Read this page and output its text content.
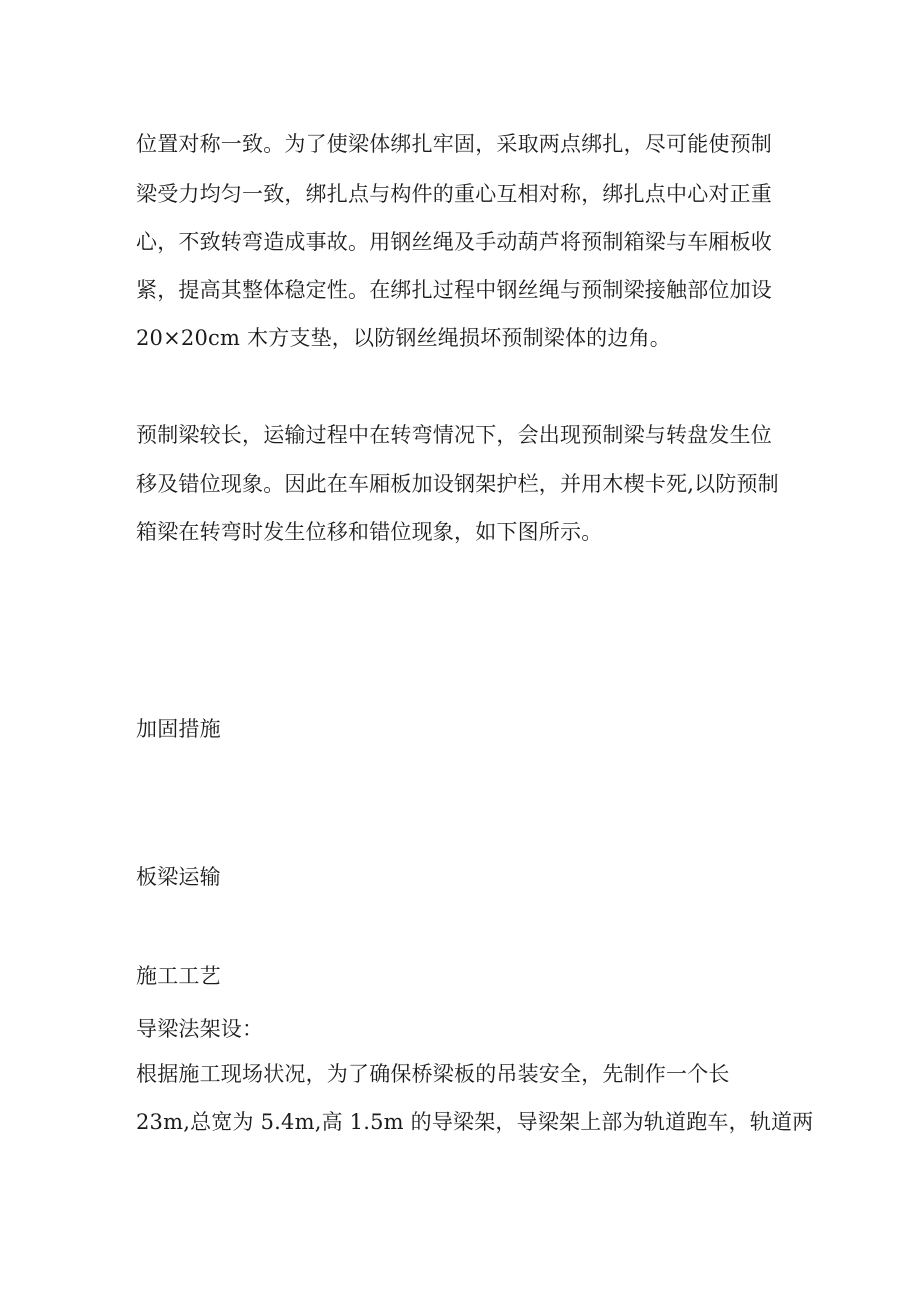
位置对称一致。为了使梁体绑扎牢固，采取两点绑扎，尽可能使预制
梁受力均匀一致，绑扎点与构件的重心互相对称，绑扎点中心对正重
心，不致转弯造成事故。用钢丝绳及手动葫芦将预制箱梁与车厢板收
紧，提高其整体稳定性。在绑扎过程中钢丝绳与预制梁接触部位加设
20×20cm 木方支垫，以防钢丝绳损坏预制梁体的边角。
预制梁较长，运输过程中在转弯情况下，会出现预制梁与转盘发生位
移及错位现象。因此在车厢板加设钢架护栏，并用木楔卡死,以防预制
箱梁在转弯时发生位移和错位现象，如下图所示。
加固措施
板梁运输
施工工艺
导梁法架设：
根据施工现场状况，为了确保桥梁板的吊装安全，先制作一个长
23m,总宽为 5.4m,高 1.5m 的导梁架，导梁架上部为轨道跑车，轨道两
